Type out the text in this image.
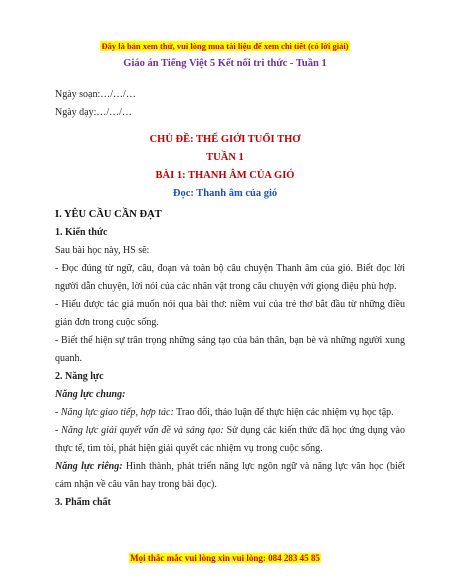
Đây là bản xem thử, vui lòng mua tài liệu để xem chi tiết (có lời giải)
Giáo án Tiếng Việt 5 Kết nối tri thức - Tuần 1
Ngày soạn:…/…/…
Ngày dạy:…/…/…
CHỦ ĐỀ: THẾ GIỚI TUỔI THƠ
TUẦN 1
BÀI 1: THANH ÂM CỦA GIÓ
Đọc: Thanh âm của gió

I. YÊU CẦU CẦN ĐẠT

1. Kiến thức

Sau bài học này, HS sẽ:

- Đọc đúng từ ngữ, câu, đoạn và toàn bộ câu chuyện Thanh âm của gió. Biết đọc lời người dẫn chuyện, lời nói của các nhân vật trong câu chuyện với giọng điệu phù hợp.

- Hiểu được tác giả muốn nói qua bài thơ: niềm vui của trẻ thơ bắt đầu từ những điều giản đơn trong cuộc sống.

- Biết thể hiện sự trân trọng những sáng tạo của bản thân, bạn bè và những người xung quanh.

2. Năng lực

Năng lực chung:

- Năng lực giao tiếp, hợp tác: Trao đổi, thảo luận để thực hiện các nhiệm vụ học tập.

- Năng lực giải quyết vấn đề và sáng tạo: Sử dụng các kiến thức đã học ứng dụng vào thực tế, tìm tòi, phát hiện giải quyết các nhiệm vụ trong cuộc sống.

Năng lực riêng: Hình thành, phát triển năng lực ngôn ngữ và năng lực văn học (biết cảm nhận về câu văn hay trong bài đọc).

3. Phẩm chất

Mọi thắc mắc vui lòng xin vui lòng: 084 283 45 85
